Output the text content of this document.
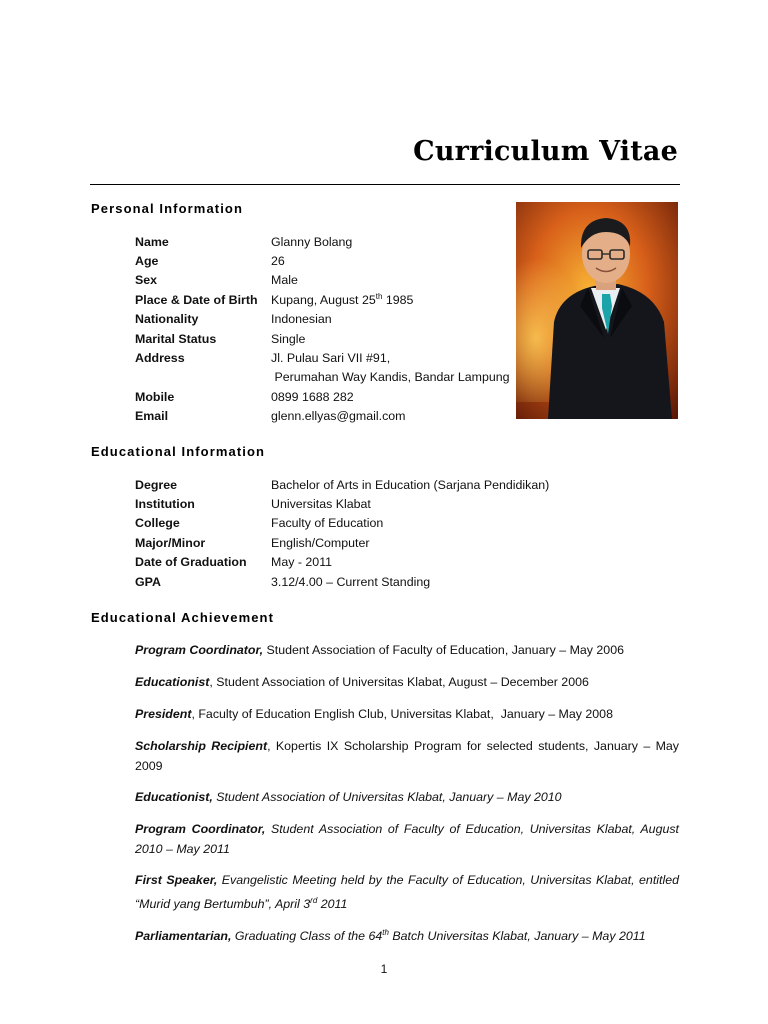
Curriculum Vitae
Personal Information
Name	Glanny Bolang
Age	26
Sex	Male
Place & Date of Birth	Kupang, August 25th 1985
Nationality	Indonesian
Marital Status	Single
Address	Jl. Pulau Sari VII #91,
	Perumahan Way Kandis, Bandar Lampung
Mobile	0899 1688 282
Email	glenn.ellyas@gmail.com
Educational Information
Degree	Bachelor of Arts in Education (Sarjana Pendidikan)
Institution	Universitas Klabat
College	Faculty of Education
Major/Minor	English/Computer
Date of Graduation	May - 2011
GPA	3.12/4.00 – Current Standing
Educational Achievement

Program Coordinator, Student Association of Faculty of Education, January – May 2006

Educationist, Student Association of Universitas Klabat, August – December 2006

President, Faculty of Education English Club, Universitas Klabat,  January – May 2008

Scholarship Recipient, Kopertis IX Scholarship Program for selected students, January – May 2009

Educationist, Student Association of Universitas Klabat, January – May 2010

Program Coordinator, Student Association of Faculty of Education, Universitas Klabat, August 2010 – May 2011

First Speaker, Evangelistic Meeting held by the Faculty of Education, Universitas Klabat, entitled “Murid yang Bertumbuh”, April 3rd 2011

Parliamentarian, Graduating Class of the 64th Batch Universitas Klabat, January – May 2011

1
